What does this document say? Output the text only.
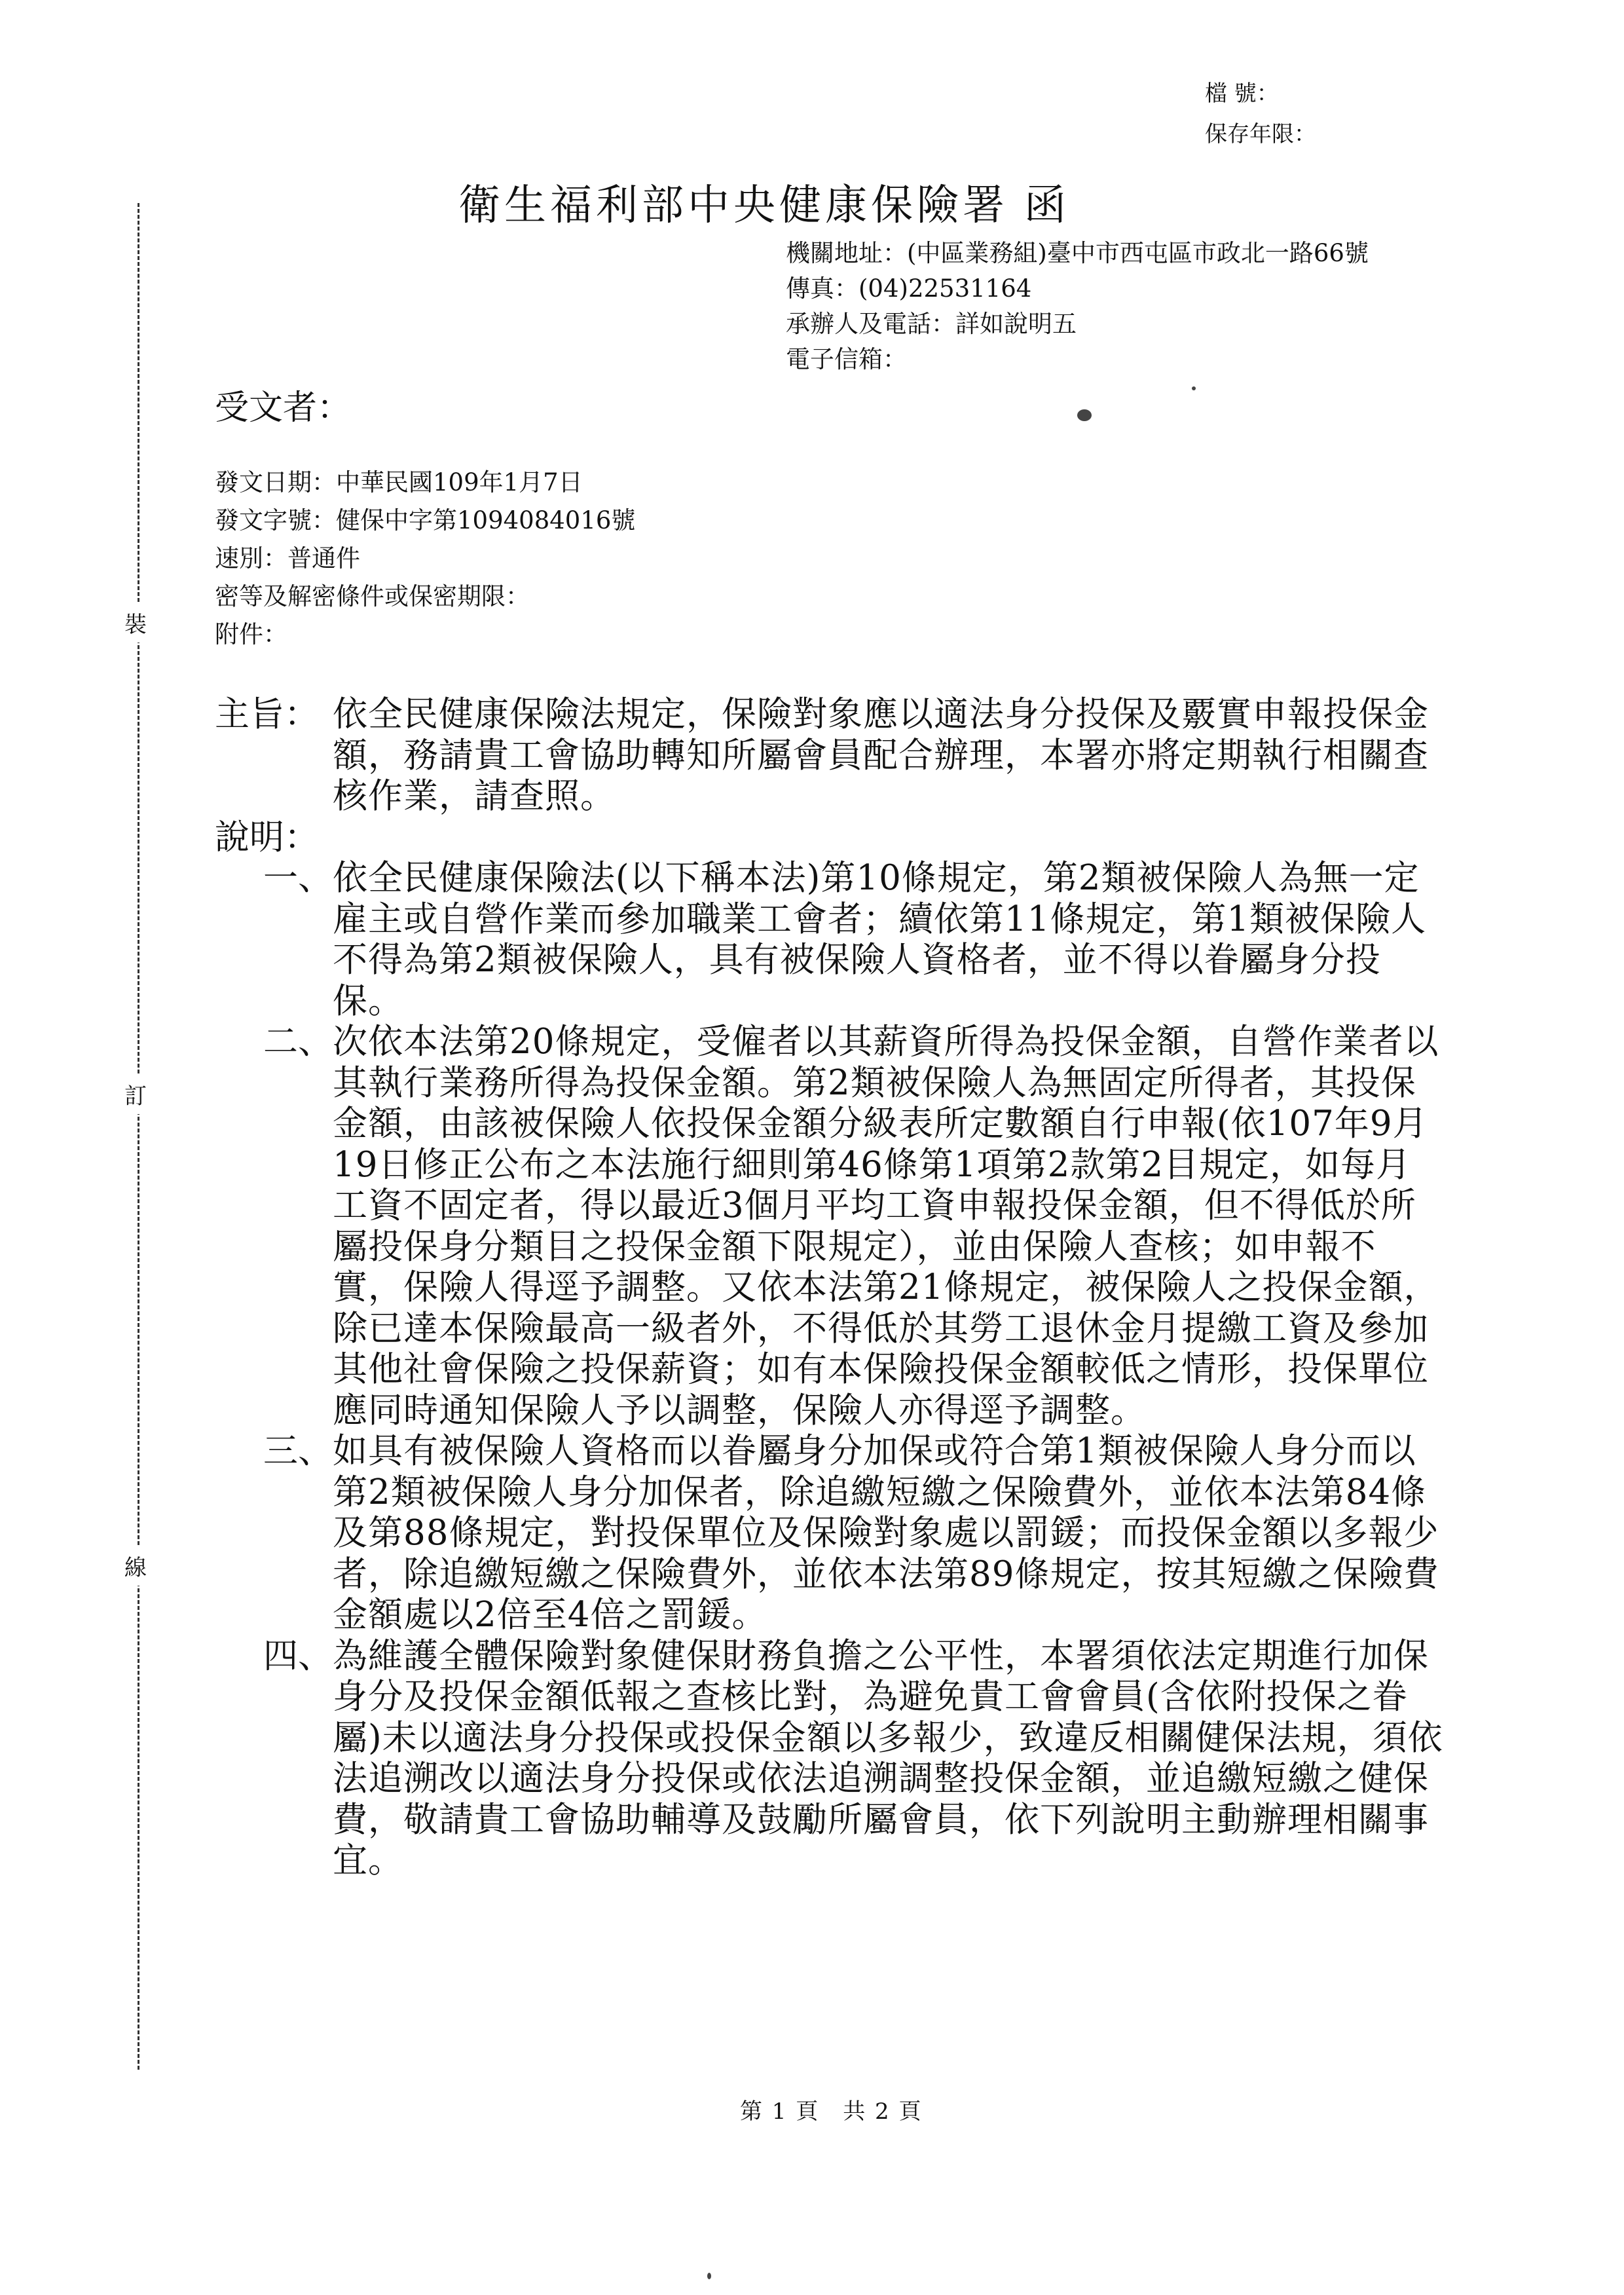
檔 號：
保存年限：
裝
訂
線
衛生福利部中央健康保險署 函
機關地址：(中區業務組)臺中市西屯區市政北一路66號
傳真：(04)22531164
承辦人及電話：詳如說明五
電子信箱：
受文者：
發文日期：中華民國109年1月7日
發文字號：健保中字第1094084016號
速別：普通件
密等及解密條件或保密期限：
附件：
主旨： 依全民健康保險法規定，保險對象應以適法身分投保及覈實申報投保金額，務請貴工會協助轉知所屬會員配合辦理，本署亦將定期執行相關查核作業，請查照。
說明：
一、 依全民健康保險法(以下稱本法)第10條規定，第2類被保險人為無一定雇主或自營作業而參加職業工會者；續依第11條規定，第1類被保險人不得為第2類被保險人，具有被保險人資格者，並不得以眷屬身分投保。
二、 次依本法第20條規定，受僱者以其薪資所得為投保金額，自營作業者以其執行業務所得為投保金額。第2類被保險人為無固定所得者，其投保金額，由該被保險人依投保金額分級表所定數額自行申報(依107年9月19日修正公布之本法施行細則第46條第1項第2款第2目規定，如每月工資不固定者，得以最近3個月平均工資申報投保金額，但不得低於所屬投保身分類目之投保金額下限規定），並由保險人查核；如申報不實，保險人得逕予調整。又依本法第21條規定，被保險人之投保金額，除已達本保險最高一級者外，不得低於其勞工退休金月提繳工資及參加其他社會保險之投保薪資；如有本保險投保金額較低之情形，投保單位應同時通知保險人予以調整，保險人亦得逕予調整。
三、 如具有被保險人資格而以眷屬身分加保或符合第1類被保險人身分而以第2類被保險人身分加保者，除追繳短繳之保險費外，並依本法第84條及第88條規定，對投保單位及保險對象處以罰鍰；而投保金額以多報少者，除追繳短繳之保險費外，並依本法第89條規定，按其短繳之保險費金額處以2倍至4倍之罰鍰。
四、 為維護全體保險對象健保財務負擔之公平性，本署須依法定期進行加保身分及投保金額低報之查核比對，為避免貴工會會員(含依附投保之眷屬)未以適法身分投保或投保金額以多報少，致違反相關健保法規，須依法追溯改以適法身分投保或依法追溯調整投保金額，並追繳短繳之健保費，敬請貴工會協助輔導及鼓勵所屬會員，依下列說明主動辦理相關事宜。
第 1 頁　共 2 頁
